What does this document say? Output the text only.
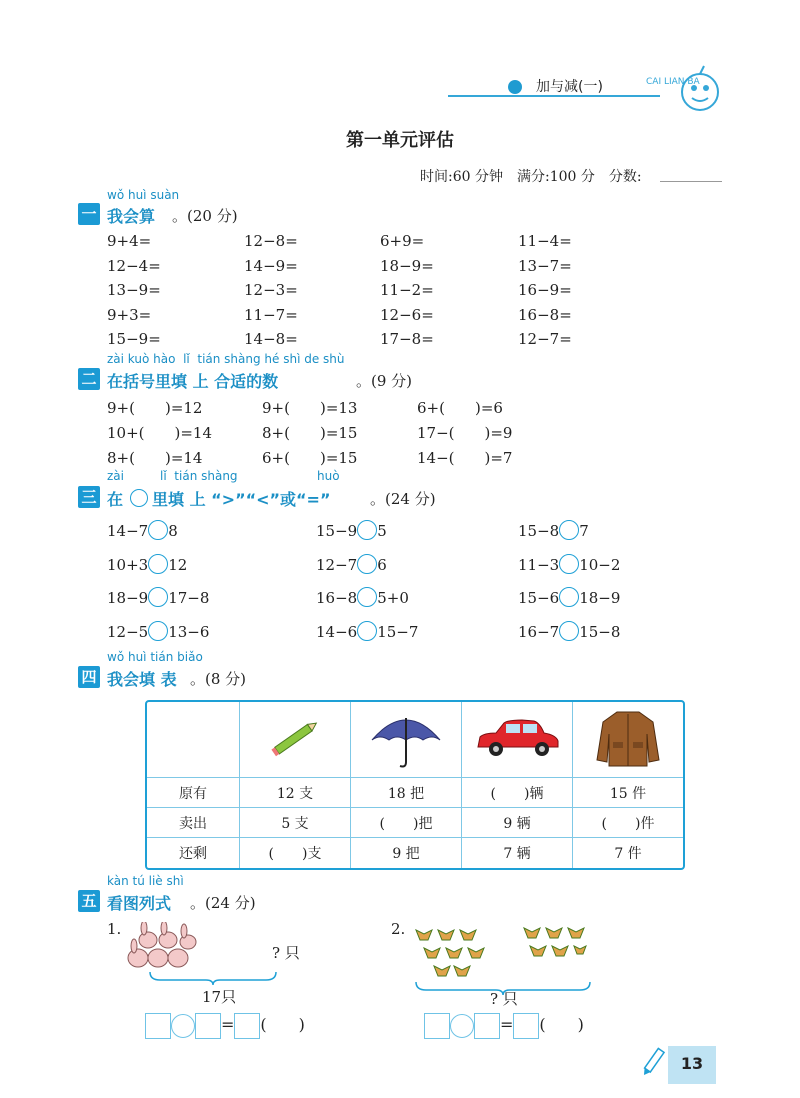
加与减(一)	CAI LIAN BA
第一单元评估
时间:60 分钟　满分:100 分　分数:
wǒ huì suàn
一 我会算 。(20 分)
9+4=	12−8=	6+9=	11−4=
12−4=	14−9=	18−9=	13−7=
13−9=	12−3=	11−2=	16−9=
9+3=	11−7=	12−6=	16−8=
15−9=	14−8=	17−8=	12−7=
zài kuò hào  lǐ  tián shàng hé shì de shù
二 在括号里填 上 合适的数	。(9 分)
9+(　　)=12	9+(　　)=13	6+(　　)=6
10+(　　)=14	8+(　　)=15	17−(　　)=9
8+(　　)=14	6+(　　)=15	14−(　　)=7
zài	lǐ  tián shàng	huò
三 在 里填 上 “>”“<”或“=”	。(24 分)
14−7 8	15−9 5	15−8 7
10+3 12	12−7 6	11−3 10−2
18−9 17−8	16−8 5+0	15−6 18−9
12−5 13−6	14−6 15−7	16−7 15−8
wǒ huì tián biǎo
四 我会填 表 。(8 分)

原有	12 支	18 把	(　　)辆	15 件
卖出	5 支	(　　)把	9 辆	(　　)件
还剩	(　　)支	9 把	7 辆	7 件
kàn tú liè shì
五 看图列式 。(24 分)
1.
? 只
17只
= (　　)
2.
? 只
= (　　)
13
